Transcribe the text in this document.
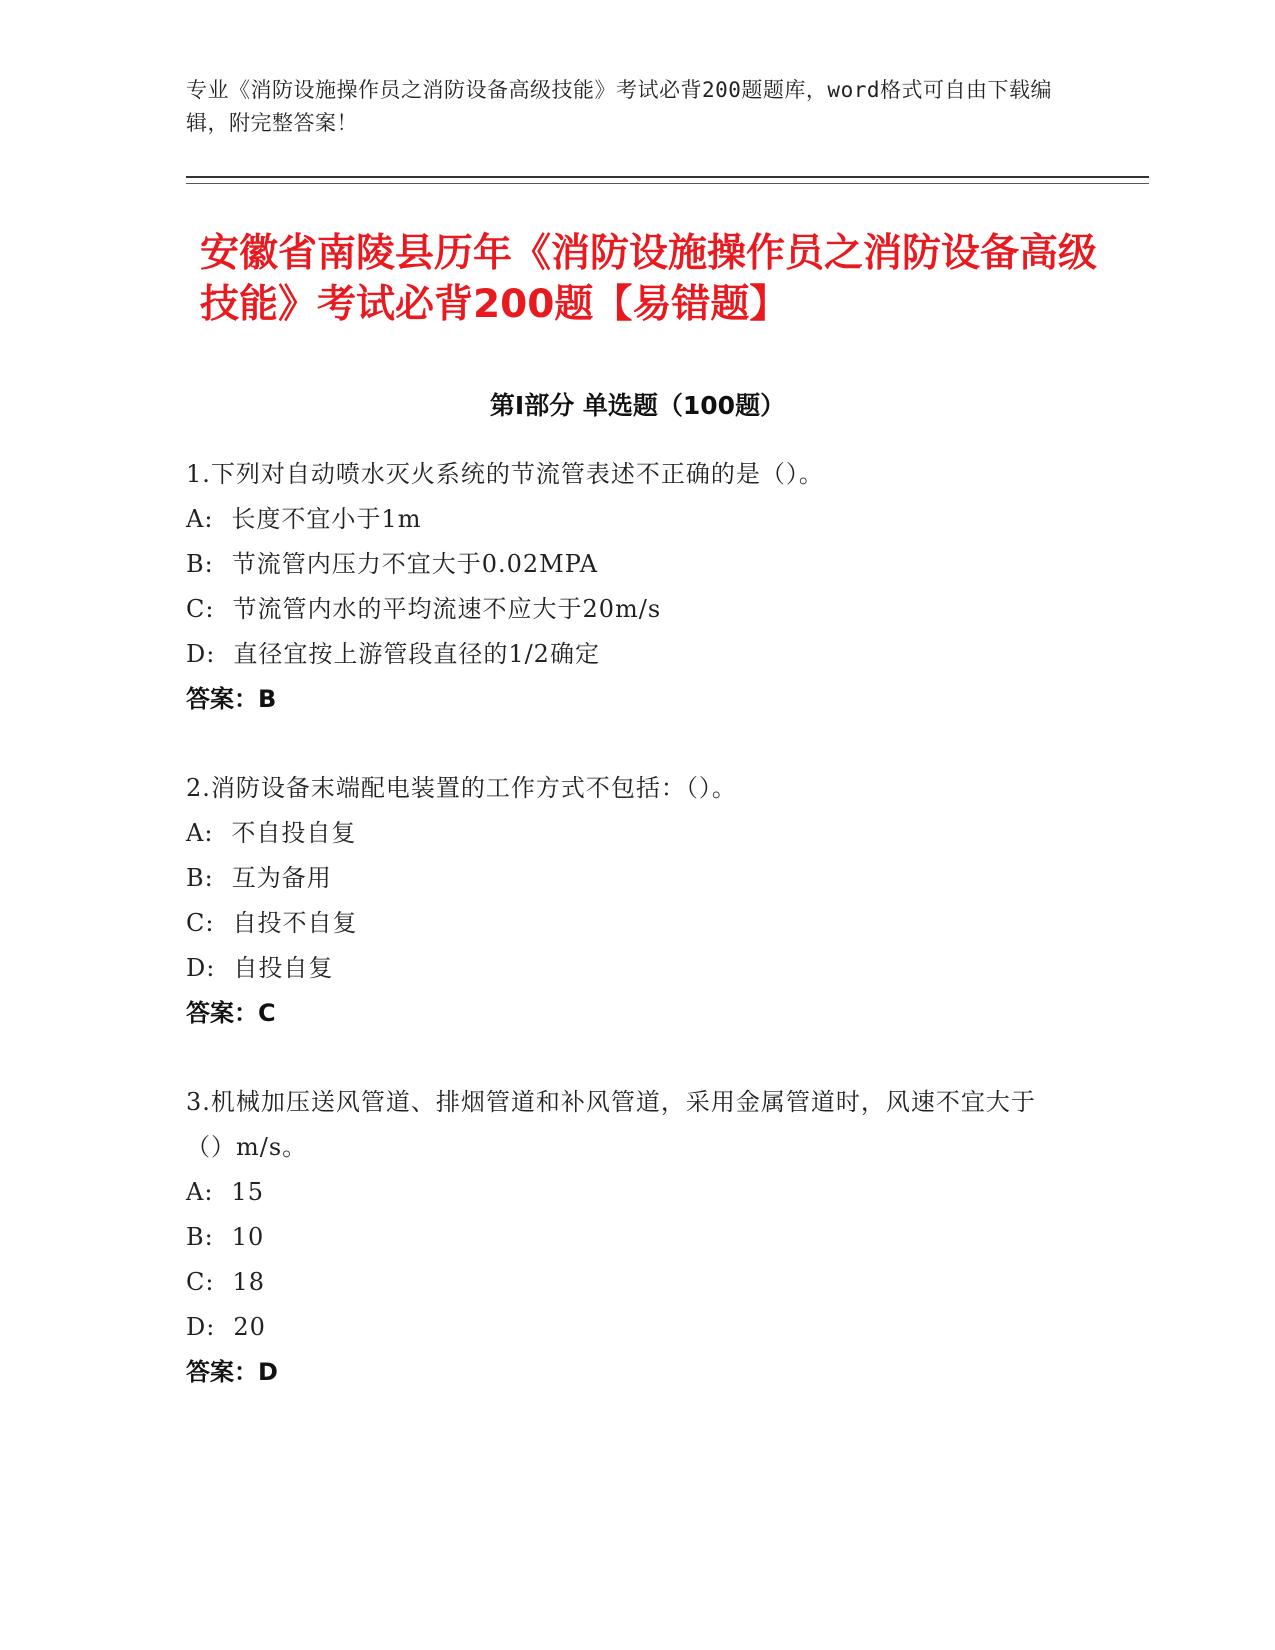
专业《消防设施操作员之消防设备高级技能》考试必背200题题库，word格式可自由下载编辑，附完整答案！
安徽省南陵县历年《消防设施操作员之消防设备高级技能》考试必背200题【易错题】
第I部分 单选题（100题）
1.下列对自动喷水灭火系统的节流管表述不正确的是（）。
A: 长度不宜小于1m
B: 节流管内压力不宜大于0.02MPA
C: 节流管内水的平均流速不应大于20m/s
D: 直径宜按上游管段直径的1/2确定
答案：B
2.消防设备末端配电装置的工作方式不包括：（）。
A: 不自投自复
B: 互为备用
C: 自投不自复
D: 自投自复
答案：C
3.机械加压送风管道、排烟管道和补风管道，采用金属管道时，风速不宜大于（）m/s。
A: 15
B: 10
C: 18
D: 20
答案：D
